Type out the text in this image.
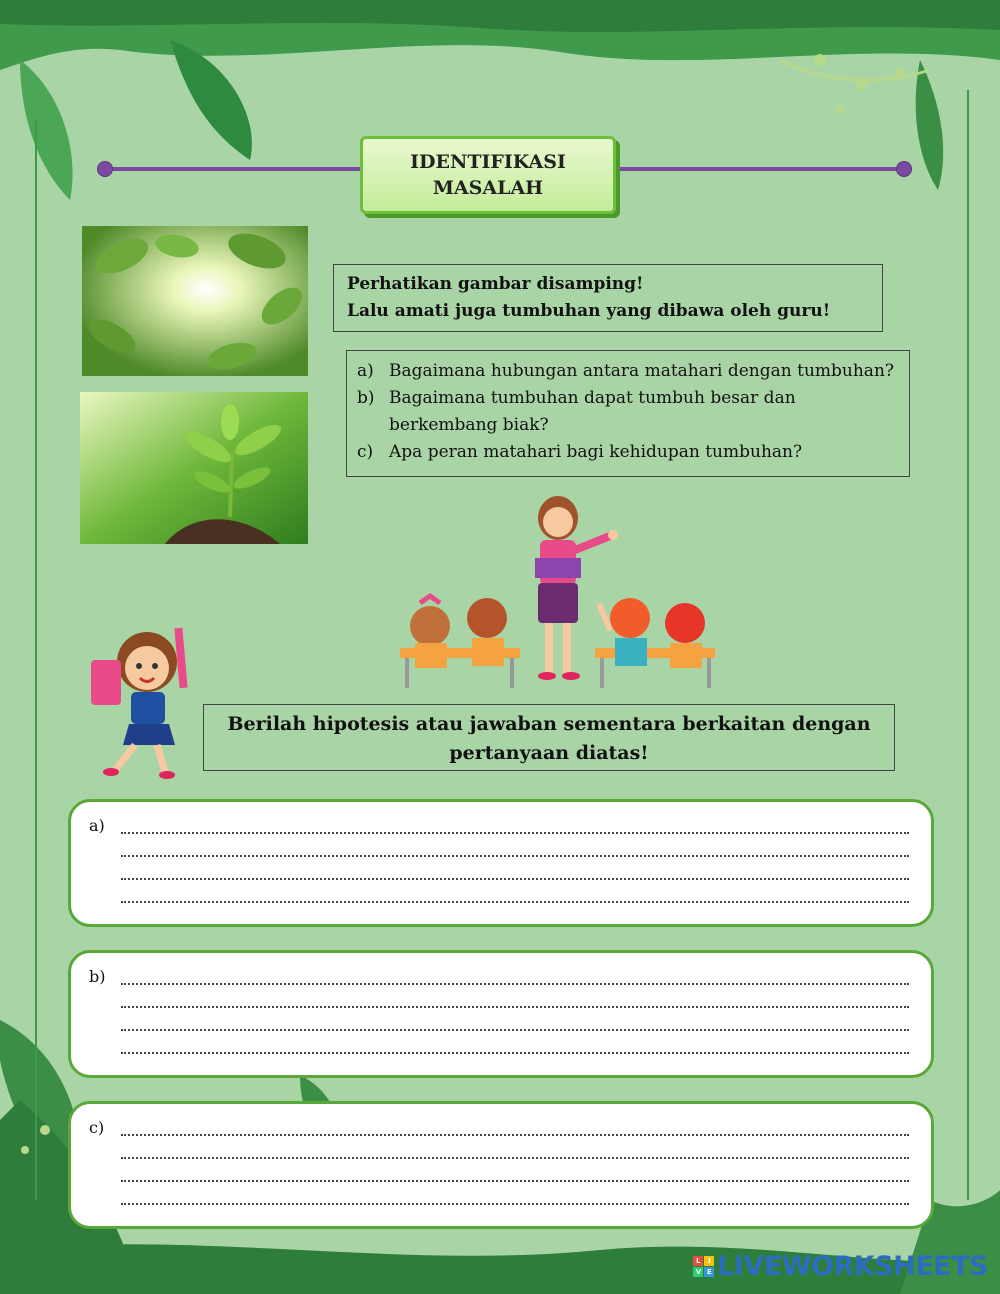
IDENTIFIKASI
MASALAH
Perhatikan gambar disamping!
Lalu amati juga tumbuhan yang dibawa oleh guru!
a) Bagaimana hubungan antara matahari dengan tumbuhan?
b) Bagaimana tumbuhan dapat tumbuh besar dan berkembang biak?
c) Apa peran matahari bagi kehidupan tumbuhan?
Berilah hipotesis atau jawaban sementara berkaitan dengan
pertanyaan diatas!
a)
b)
c)
L	I
V E LIVEWORKSHEETS
